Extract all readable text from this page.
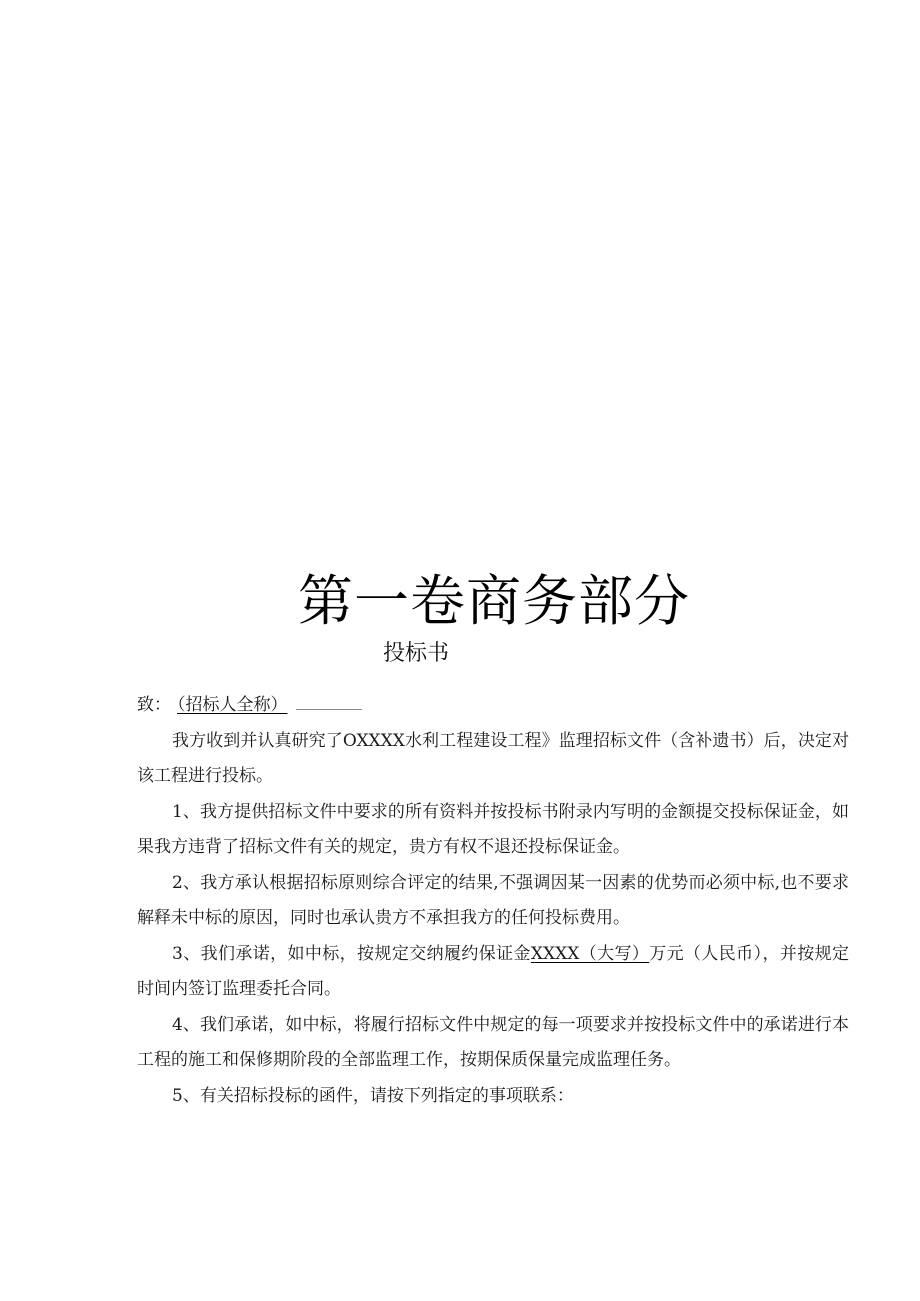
第一卷商务部分
投标书

致： （招标人全称）

我方收到并认真研究了OXXXX水利工程建设工程》监理招标文件（含补遗书）后，决定对该工程进行投标。

1、我方提供招标文件中要求的所有资料并按投标书附录内写明的金额提交投标保证金，如果我方违背了招标文件有关的规定，贵方有权不退还投标保证金。

2、我方承认根据招标原则综合评定的结果,不强调因某一因素的优势而必须中标,也不要求解释未中标的原因，同时也承认贵方不承担我方的任何投标费用。

3、我们承诺，如中标，按规定交纳履约保证金XXXX（大写）万元（人民币），并按规定时间内签订监理委托合同。

4、我们承诺，如中标，将履行招标文件中规定的每一项要求并按投标文件中的承诺进行本工程的施工和保修期阶段的全部监理工作，按期保质保量完成监理任务。

5、有关招标投标的函件，请按下列指定的事项联系：
